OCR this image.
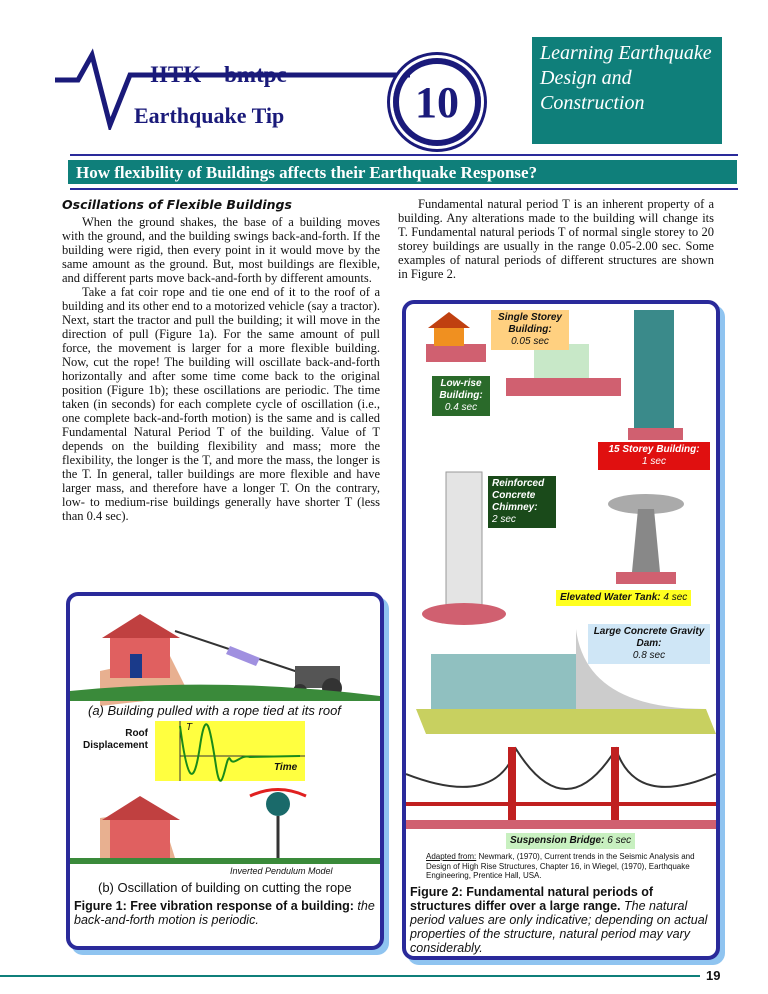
IITK – bmtpc
Earthquake Tip	10
Learning Earthquake Design and Construction
How flexibility of Buildings affects their Earthquake Response?
Oscillations of Flexible Buildings

When the ground shakes, the base of a building moves with the ground, and the building swings back-and-forth. If the building were rigid, then every point in it would move by the same amount as the ground. But, most buildings are flexible, and different parts move back-and-forth by different amounts.

Take a fat coir rope and tie one end of it to the roof of a building and its other end to a motorized vehicle (say a tractor). Next, start the tractor and pull the building; it will move in the direction of pull (Figure 1a). For the same amount of pull force, the movement is larger for a more flexible building. Now, cut the rope! The building will oscillate back-and-forth horizontally and after some time come back to the original position (Figure 1b); these oscillations are periodic. The time taken (in seconds) for each complete cycle of oscillation (i.e., one complete back-and-forth motion) is the same and is called Fundamental Natural Period T of the building. Value of T depends on the building flexibility and mass; more the flexibility, the longer is the T, and more the mass, the longer is the T. In general, taller buildings are more flexible and have larger mass, and therefore have a longer T. On the contrary, low- to medium-rise buildings generally have shorter T (less than 0.4 sec).

Fundamental natural period T is an inherent property of a building. Any alterations made to the building will change its T. Fundamental natural periods T of normal single storey to 20 storey buildings are usually in the range 0.05-2.00 sec. Some examples of natural periods of different structures are shown in Figure 2.

(a) Building pulled with a rope tied at its roof
Roof Displacement
Time
T
Inverted Pendulum Model
(b) Oscillation of building on cutting the rope
Figure 1: Free vibration response of a building: the back-and-forth motion is periodic.
Single Storey Building:
0.05 sec
Low-rise Building:
0.4 sec
15 Storey Building:
1 sec
Reinforced Concrete Chimney:
2 sec
Elevated Water Tank: 4 sec
Large Concrete Gravity Dam:
0.8 sec
Suspension Bridge: 6 sec
Adapted from: Newmark, (1970), Current trends in the Seismic Analysis and Design of High Rise Structures, Chapter 16, in Wiegel, (1970), Earthquake Engineering, Prentice Hall, USA.
Figure 2: Fundamental natural periods of structures differ over a large range. The natural period values are only indicative; depending on actual properties of the structure, natural period may vary considerably.
19
